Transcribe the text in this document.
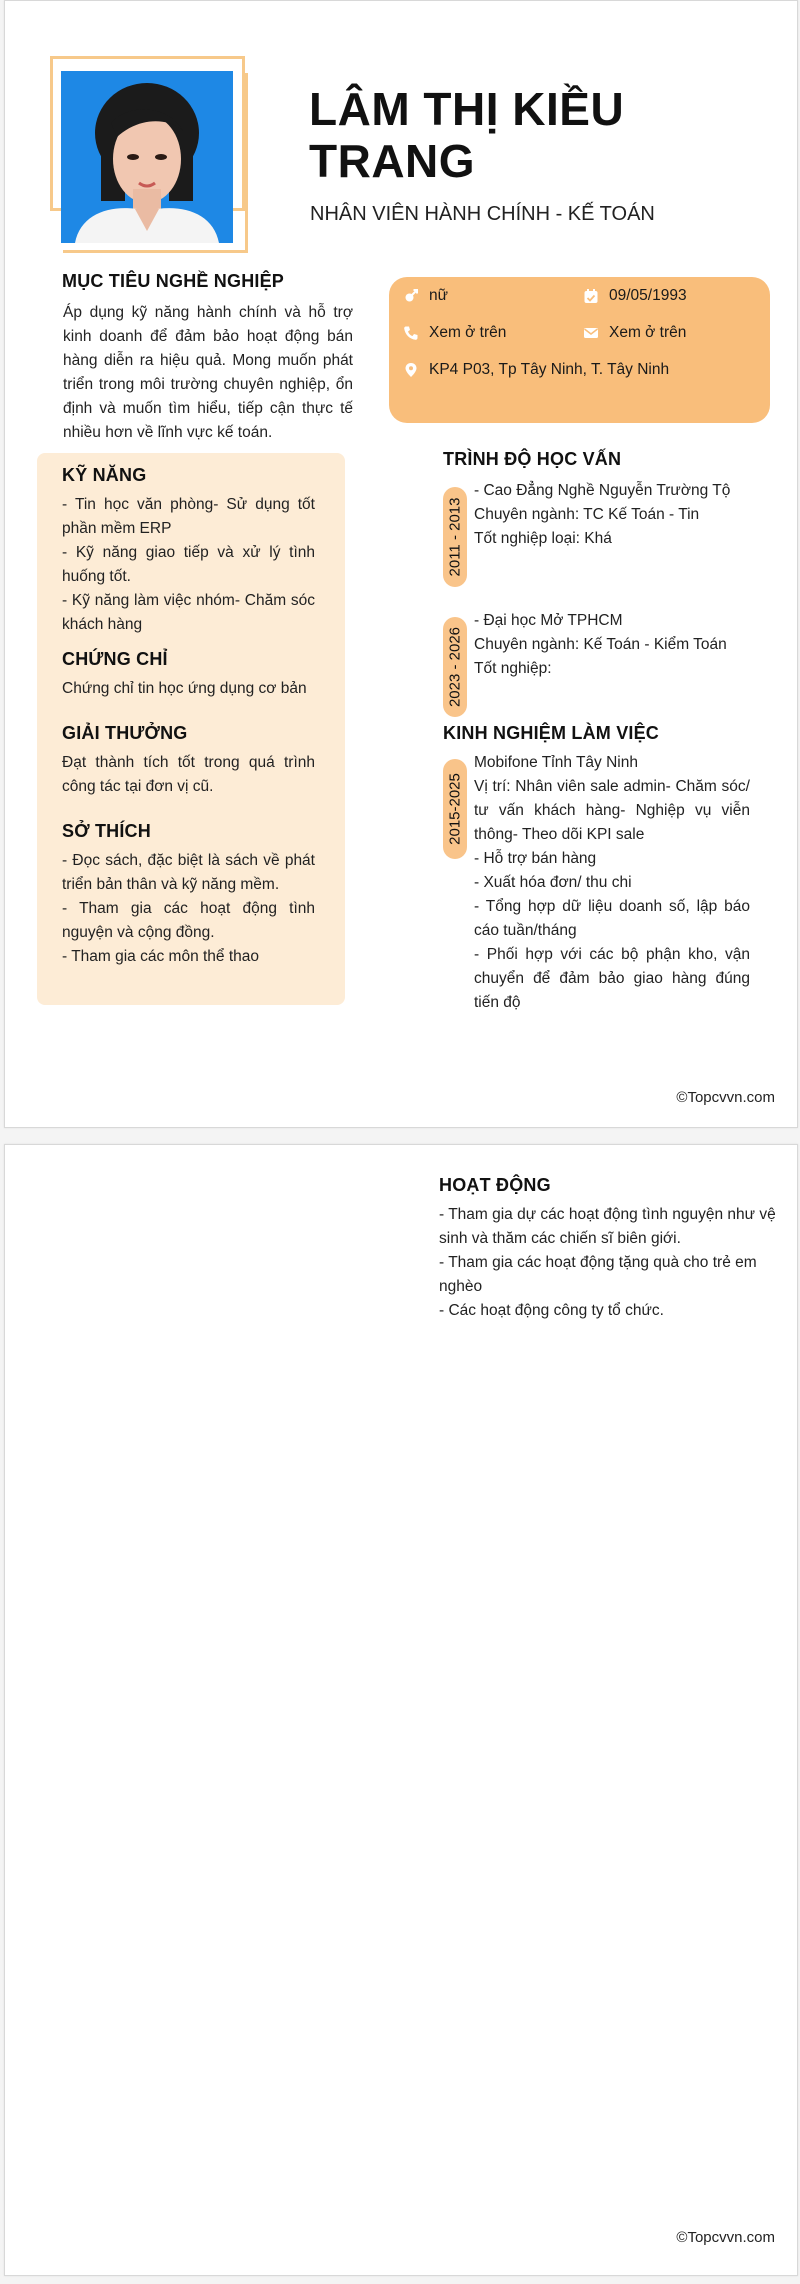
LÂM THỊ KIỀU
TRANG
NHÂN VIÊN HÀNH CHÍNH - KẾ TOÁN
MỤC TIÊU NGHỀ NGHIỆP
Áp dụng kỹ năng hành chính và hỗ trợ kinh doanh để đảm bảo hoạt động bán hàng diễn ra hiệu quả. Mong muốn phát triển trong môi trường chuyên nghiệp, ổn định và muốn tìm hiểu, tiếp cận thực tế nhiều hơn về lĩnh vực kế toán.
nữ	09/05/1993
Xem ở trên	Xem ở trên
KP4 P03, Tp Tây Ninh, T. Tây Ninh
KỸ NĂNG
- Tin học văn phòng- Sử dụng tốt phần mềm ERP
- Kỹ năng giao tiếp và xử lý tình huống tốt.
- Kỹ năng làm việc nhóm- Chăm sóc khách hàng
CHỨNG CHỈ
Chứng chỉ tin học ứng dụng cơ bản
GIẢI THƯỞNG
Đạt thành tích tốt trong quá trình công tác tại đơn vị cũ.
SỞ THÍCH
- Đọc sách, đặc biệt là sách về phát triển bản thân và kỹ năng mềm.
- Tham gia các hoạt động tình nguyện và cộng đồng.
- Tham gia các môn thể thao
TRÌNH ĐỘ HỌC VẤN
2011 - 2013
- Cao Đẳng Nghề Nguyễn Trường Tộ
Chuyên ngành: TC Kế Toán - Tin
Tốt nghiệp loại: Khá
2023 - 2026
- Đại học Mở TPHCM
Chuyên ngành: Kế Toán - Kiểm Toán
Tốt nghiệp:
KINH NGHIỆM LÀM VIỆC
2015-2025
Mobifone Tỉnh Tây Ninh
Vị trí: Nhân viên sale admin- Chăm sóc/ tư vấn khách hàng- Nghiệp vụ viễn thông- Theo dõi KPI sale
- Hỗ trợ bán hàng
- Xuất hóa đơn/ thu chi
- Tổng hợp dữ liệu doanh số, lập báo cáo tuần/tháng
- Phối hợp với các bộ phận kho, vận chuyển để đảm bảo giao hàng đúng tiến độ
©Topcvvn.com
HOẠT ĐỘNG
- Tham gia dự các hoạt động tình nguyện như vệ sinh và thăm các chiến sĩ biên giới.
- Tham gia các hoạt động tặng quà cho trẻ em nghèo
- Các hoạt động công ty tổ chức.
©Topcvvn.com
